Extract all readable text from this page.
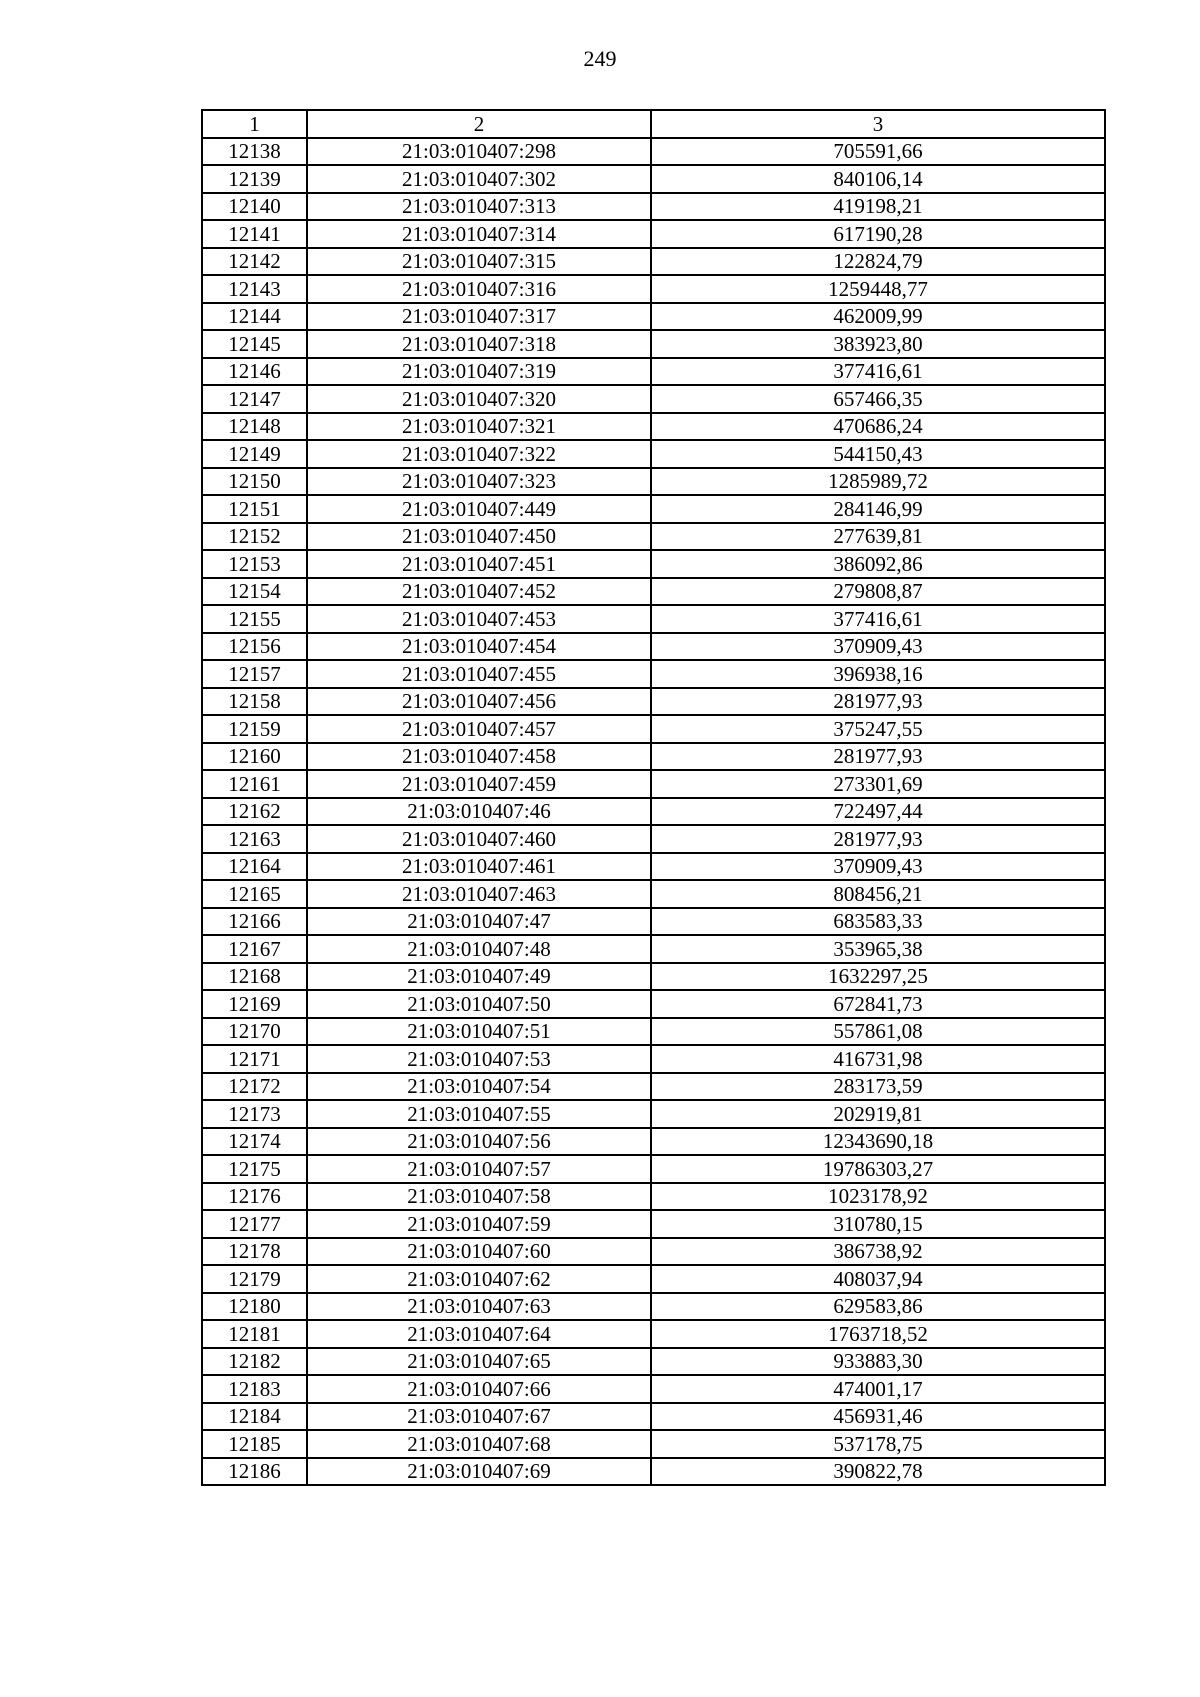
249
1	2	3
12138	21:03:010407:298	705591,66
12139	21:03:010407:302	840106,14
12140	21:03:010407:313	419198,21
12141	21:03:010407:314	617190,28
12142	21:03:010407:315	122824,79
12143	21:03:010407:316	1259448,77
12144	21:03:010407:317	462009,99
12145	21:03:010407:318	383923,80
12146	21:03:010407:319	377416,61
12147	21:03:010407:320	657466,35
12148	21:03:010407:321	470686,24
12149	21:03:010407:322	544150,43
12150	21:03:010407:323	1285989,72
12151	21:03:010407:449	284146,99
12152	21:03:010407:450	277639,81
12153	21:03:010407:451	386092,86
12154	21:03:010407:452	279808,87
12155	21:03:010407:453	377416,61
12156	21:03:010407:454	370909,43
12157	21:03:010407:455	396938,16
12158	21:03:010407:456	281977,93
12159	21:03:010407:457	375247,55
12160	21:03:010407:458	281977,93
12161	21:03:010407:459	273301,69
12162	21:03:010407:46	722497,44
12163	21:03:010407:460	281977,93
12164	21:03:010407:461	370909,43
12165	21:03:010407:463	808456,21
12166	21:03:010407:47	683583,33
12167	21:03:010407:48	353965,38
12168	21:03:010407:49	1632297,25
12169	21:03:010407:50	672841,73
12170	21:03:010407:51	557861,08
12171	21:03:010407:53	416731,98
12172	21:03:010407:54	283173,59
12173	21:03:010407:55	202919,81
12174	21:03:010407:56	12343690,18
12175	21:03:010407:57	19786303,27
12176	21:03:010407:58	1023178,92
12177	21:03:010407:59	310780,15
12178	21:03:010407:60	386738,92
12179	21:03:010407:62	408037,94
12180	21:03:010407:63	629583,86
12181	21:03:010407:64	1763718,52
12182	21:03:010407:65	933883,30
12183	21:03:010407:66	474001,17
12184	21:03:010407:67	456931,46
12185	21:03:010407:68	537178,75
12186	21:03:010407:69	390822,78
